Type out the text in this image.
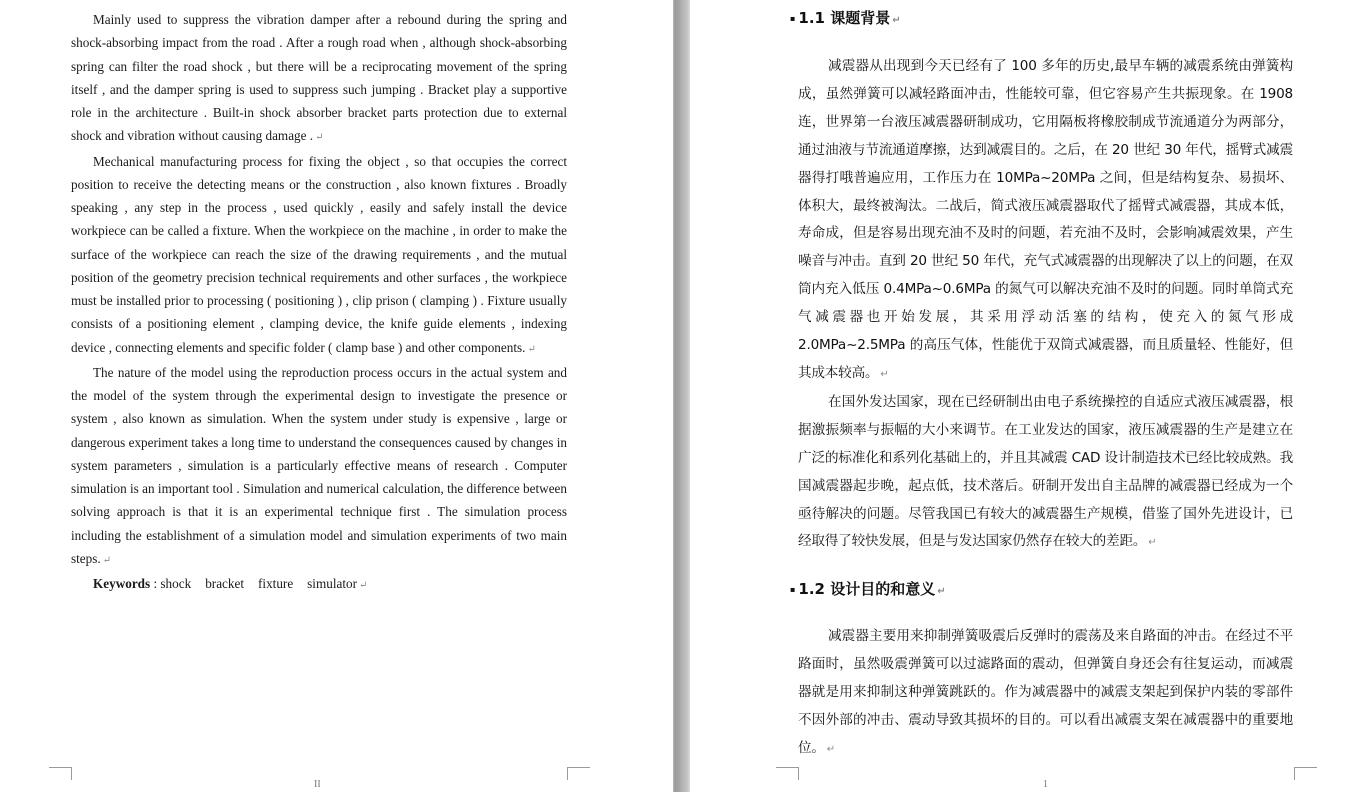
Mainly used to suppress the vibration damper after a rebound during the spring and shock-absorbing impact from the road . After a rough road when , although shock-absorbing spring can filter the road shock , but there will be a reciprocating movement of the spring itself , and the damper spring is used to suppress such jumping . Bracket play a supportive role in the architecture . Built-in shock absorber bracket parts protection due to external shock and vibration without causing damage . ↵

Mechanical manufacturing process for fixing the object , so that occupies the correct position to receive the detecting means or the construction , also known fixtures . Broadly speaking , any step in the process , used quickly , easily and safely install the device workpiece can be called a fixture. When the workpiece on the machine , in order to make the surface of the workpiece can reach the size of the drawing requirements , and the mutual position of the geometry precision technical requirements and other surfaces , the workpiece must be installed prior to processing ( positioning ) , clip prison ( clamping ) . Fixture usually consists of a positioning element , clamping device, the knife guide elements , indexing device , connecting elements and specific folder ( clamp base ) and other components. ↵

The nature of the model using the reproduction process occurs in the actual system and the model of the system through the experimental design to investigate the presence or system , also known as simulation. When the system under study is expensive , large or dangerous experiment takes a long time to understand the consequences caused by changes in system parameters , simulation is a particularly effective means of research . Computer simulation is an important tool . Simulation and numerical calculation, the difference between solving approach is that it is an experimental technique first . The simulation process including the establishment of a simulation model and simulation experiments of two main steps. ↵

Keywords : shock bracket fixture simulator ↵

II
▪ 1.1 课题背景 ↵

减震器从出现到今天已经有了 100 多年的历史,最早车辆的减震系统由弹簧构成，虽然弹簧可以减轻路面冲击，性能较可靠，但它容易产生共振现象。在 1908 连，世界第一台液压减震器研制成功，它用隔板将橡胶制成节流通道分为两部分，通过油液与节流通道摩擦，达到减震目的。之后，在 20 世纪 30 年代，摇臂式减震器得打哦普遍应用，工作压力在 10MPa~20MPa 之间，但是结构复杂、易损坏、体积大，最终被淘汰。二战后，简式液压减震器取代了摇臂式减震器，其成本低，寿命成，但是容易出现充油不及时的问题，若充油不及时，会影响减震效果，产生噪音与冲击。直到 20 世纪 50 年代，充气式减震器的出现解决了以上的问题，在双筒内充入低压 0.4MPa~0.6MPa 的氮气可以解决充油不及时的问题。同时单筒式充气减震器也开始发展，其采用浮动活塞的结构，使充入的氮气形成 2.0MPa~2.5MPa 的高压气体，性能优于双筒式减震器，而且质量轻、性能好，但其成本较高。 ↵

在国外发达国家，现在已经研制出由电子系统操控的自适应式液压减震器，根据激振频率与振幅的大小来调节。在工业发达的国家，液压减震器的生产是建立在广泛的标准化和系列化基础上的，并且其减震 CAD 设计制造技术已经比较成熟。我国减震器起步晚，起点低，技术落后。研制开发出自主品牌的减震器已经成为一个亟待解决的问题。尽管我国已有较大的减震器生产规模，借鉴了国外先进设计，已经取得了较快发展，但是与发达国家仍然存在较大的差距。 ↵

▪ 1.2 设计目的和意义 ↵

减震器主要用来抑制弹簧吸震后反弹时的震荡及来自路面的冲击。在经过不平路面时，虽然吸震弹簧可以过滤路面的震动，但弹簧自身还会有往复运动，而减震器就是用来抑制这种弹簧跳跃的。作为减震器中的减震支架起到保护内装的零部件不因外部的冲击、震动导致其损坏的目的。可以看出减震支架在减震器中的重要地位。 ↵

1
